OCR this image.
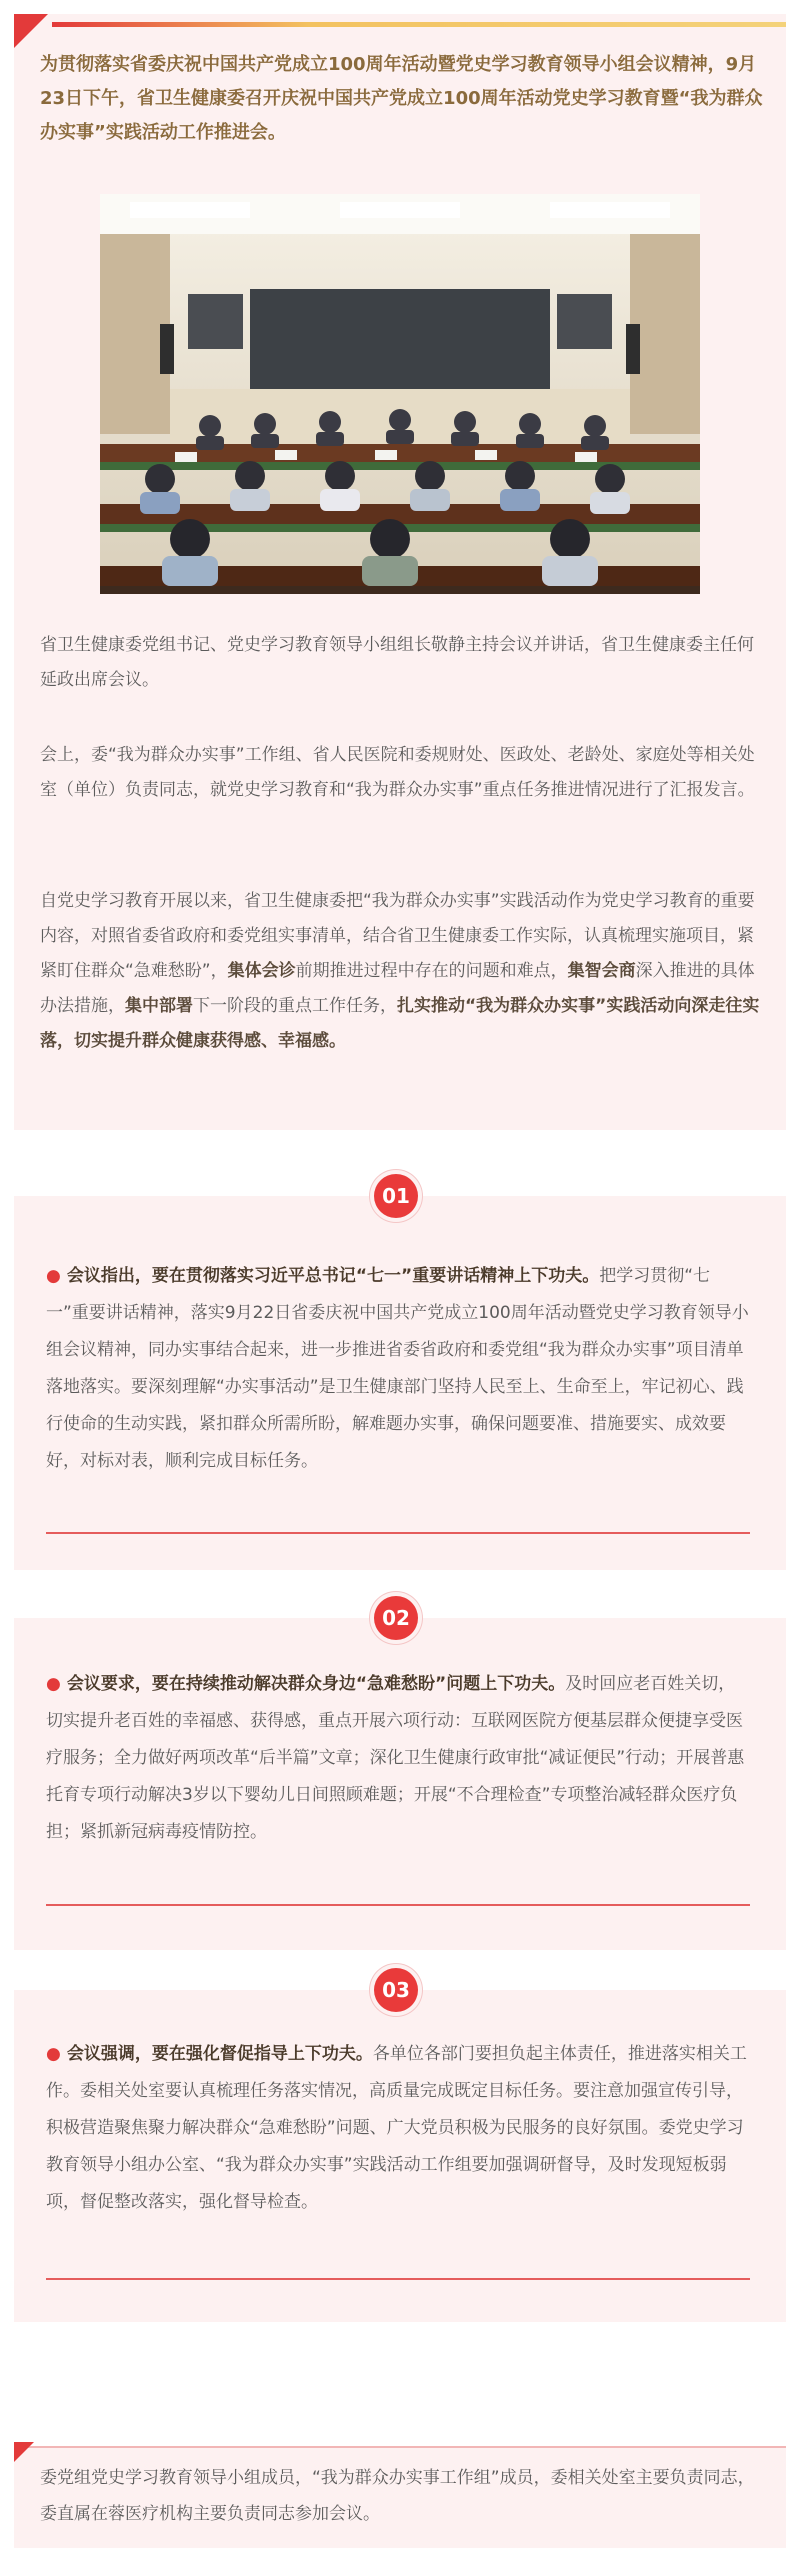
为贯彻落实省委庆祝中国共产党成立100周年活动暨党史学习教育领导小组会议精神，9月23日下午，省卫生健康委召开庆祝中国共产党成立100周年活动党史学习教育暨“我为群众办实事”实践活动工作推进会。

省卫生健康委党组书记、党史学习教育领导小组组长敬静主持会议并讲话，省卫生健康委主任何延政出席会议。

会上，委“我为群众办实事”工作组、省人民医院和委规财处、医政处、老龄处、家庭处等相关处室（单位）负责同志，就党史学习教育和“我为群众办实事”重点任务推进情况进行了汇报发言。

自党史学习教育开展以来，省卫生健康委把“我为群众办实事”实践活动作为党史学习教育的重要内容，对照省委省政府和委党组实事清单，结合省卫生健康委工作实际，认真梳理实施项目，紧紧盯住群众“急难愁盼”，集体会诊前期推进过程中存在的问题和难点，集智会商深入推进的具体办法措施，集中部署下一阶段的重点工作任务，扎实推动“我为群众办实事”实践活动向深走往实落，切实提升群众健康获得感、幸福感。

01

● 会议指出，要在贯彻落实习近平总书记“七一”重要讲话精神上下功夫。把学习贯彻“七一”重要讲话精神，落实9月22日省委庆祝中国共产党成立100周年活动暨党史学习教育领导小组会议精神，同办实事结合起来，进一步推进省委省政府和委党组“我为群众办实事”项目清单落地落实。要深刻理解“办实事活动”是卫生健康部门坚持人民至上、生命至上，牢记初心、践行使命的生动实践，紧扣群众所需所盼，解难题办实事，确保问题要准、措施要实、成效要好，对标对表，顺利完成目标任务。

02

● 会议要求，要在持续推动解决群众身边“急难愁盼”问题上下功夫。及时回应老百姓关切，切实提升老百姓的幸福感、获得感，重点开展六项行动：互联网医院方便基层群众便捷享受医疗服务；全力做好两项改革“后半篇”文章；深化卫生健康行政审批“减证便民”行动；开展普惠托育专项行动解决3岁以下婴幼儿日间照顾难题；开展“不合理检查”专项整治减轻群众医疗负担；紧抓新冠病毒疫情防控。

03

● 会议强调，要在强化督促指导上下功夫。各单位各部门要担负起主体责任，推进落实相关工作。委相关处室要认真梳理任务落实情况，高质量完成既定目标任务。要注意加强宣传引导，积极营造聚焦聚力解决群众“急难愁盼”问题、广大党员积极为民服务的良好氛围。委党史学习教育领导小组办公室、“我为群众办实事”实践活动工作组要加强调研督导，及时发现短板弱项，督促整改落实，强化督导检查。

委党组党史学习教育领导小组成员，“我为群众办实事工作组”成员，委相关处室主要负责同志，委直属在蓉医疗机构主要负责同志参加会议。
